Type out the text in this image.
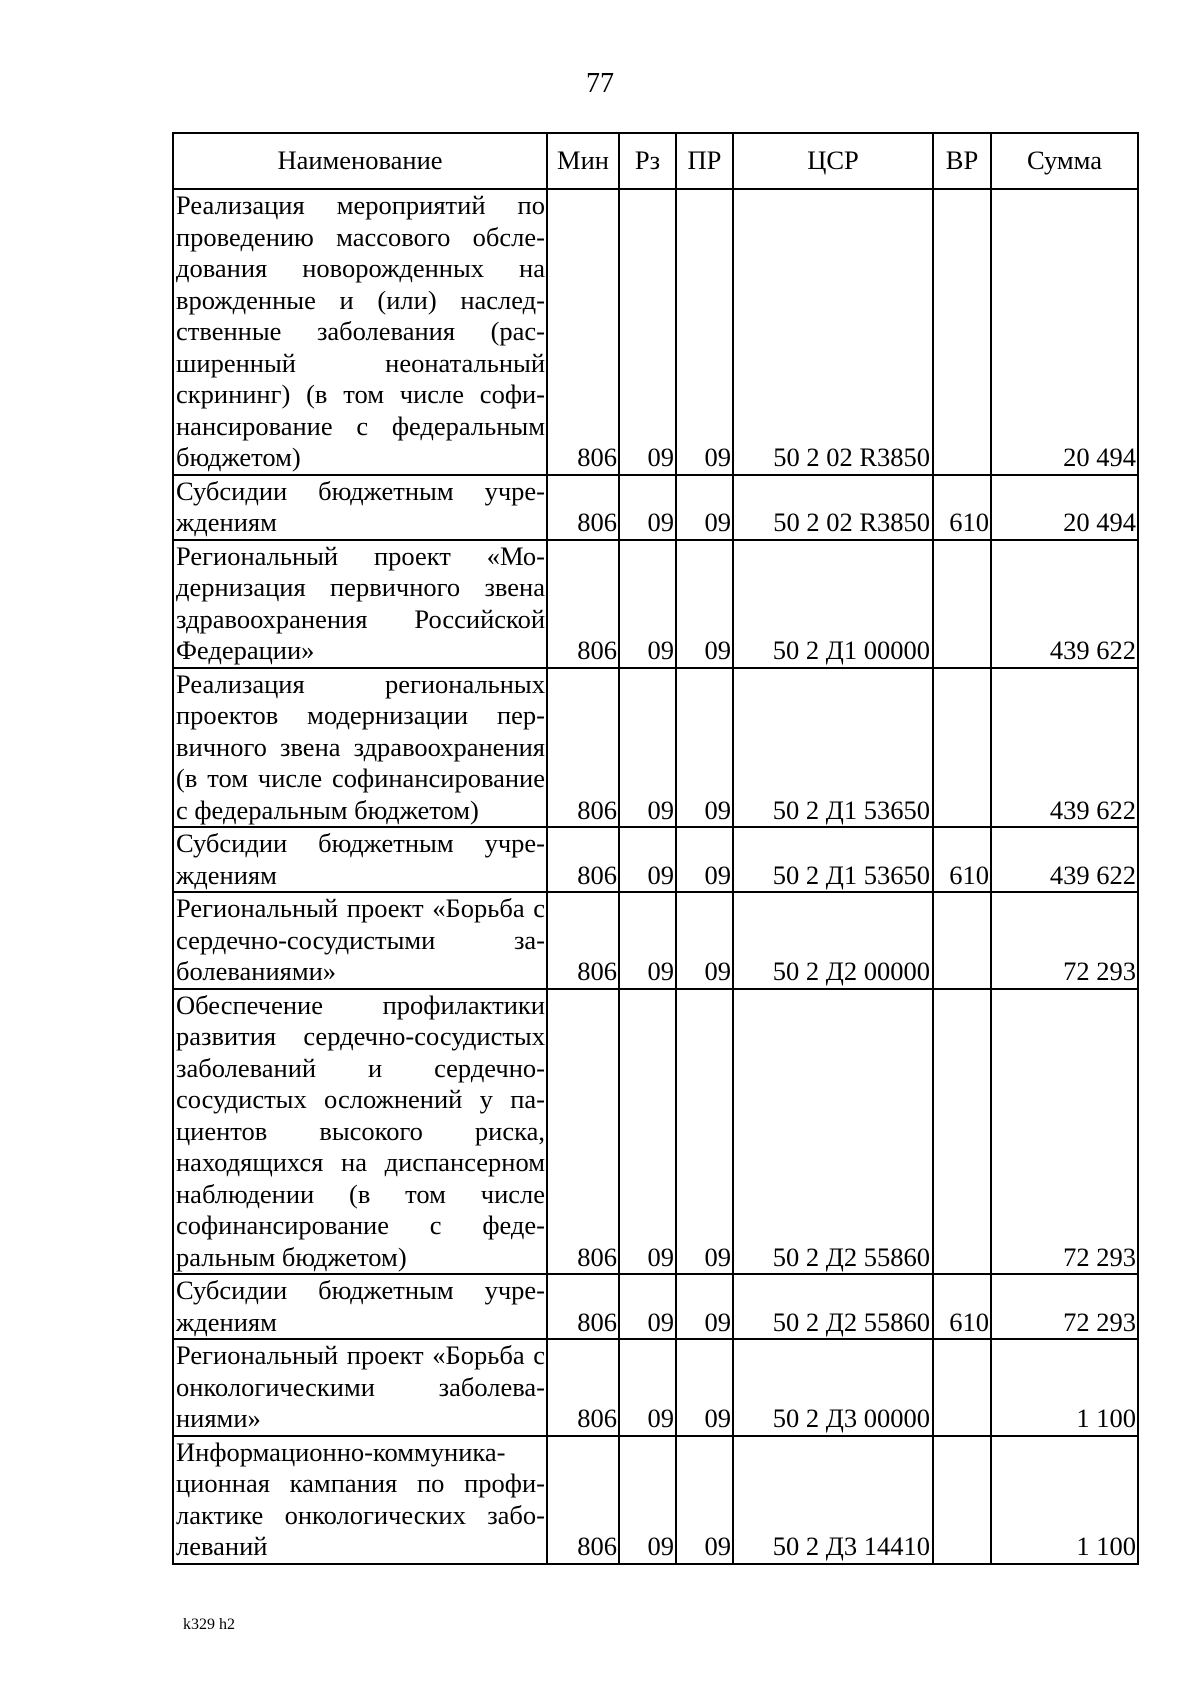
77
Наименование	Мин	Рз	ПР	ЦСР	ВР	Сумма
Реализация мероприятий по проведению массового обследования новорожденных на врожденные и (или) наследственные заболевания (расширенный неонатальный скрининг) (в том числе софинансирование с федеральным бюджетом)	806	09	09	50 2 02 R3850		20 494
Субсидии бюджетным учреждениям	806	09	09	50 2 02 R3850	610	20 494
Региональный проект «Модернизация первичного звена здравоохранения Российской Федерации»	806	09	09	50 2 Д1 00000		439 622
Реализация региональных проектов модернизации первичного звена здравоохранения (в том числе софинансирование с федеральным бюджетом)	806	09	09	50 2 Д1 53650		439 622
Субсидии бюджетным учреждениям	806	09	09	50 2 Д1 53650	610	439 622
Региональный проект «Борьба с сердечно-сосудистыми заболеваниями»	806	09	09	50 2 Д2 00000		72 293
Обеспечение профилактики развития сердечно-сосудистых заболеваний и сердечно-сосудистых осложнений у пациентов высокого риска, находящихся на диспансерном наблюдении (в том числе софинансирование с федеральным бюджетом)	806	09	09	50 2 Д2 55860		72 293
Субсидии бюджетным учреждениям	806	09	09	50 2 Д2 55860	610	72 293
Региональный проект «Борьба с онкологическими заболеваниями»	806	09	09	50 2 Д3 00000		1 100
Информационно-коммуникационная кампания по профилактике онкологических заболеваний	806	09	09	50 2 Д3 14410		1 100
k329 h2
